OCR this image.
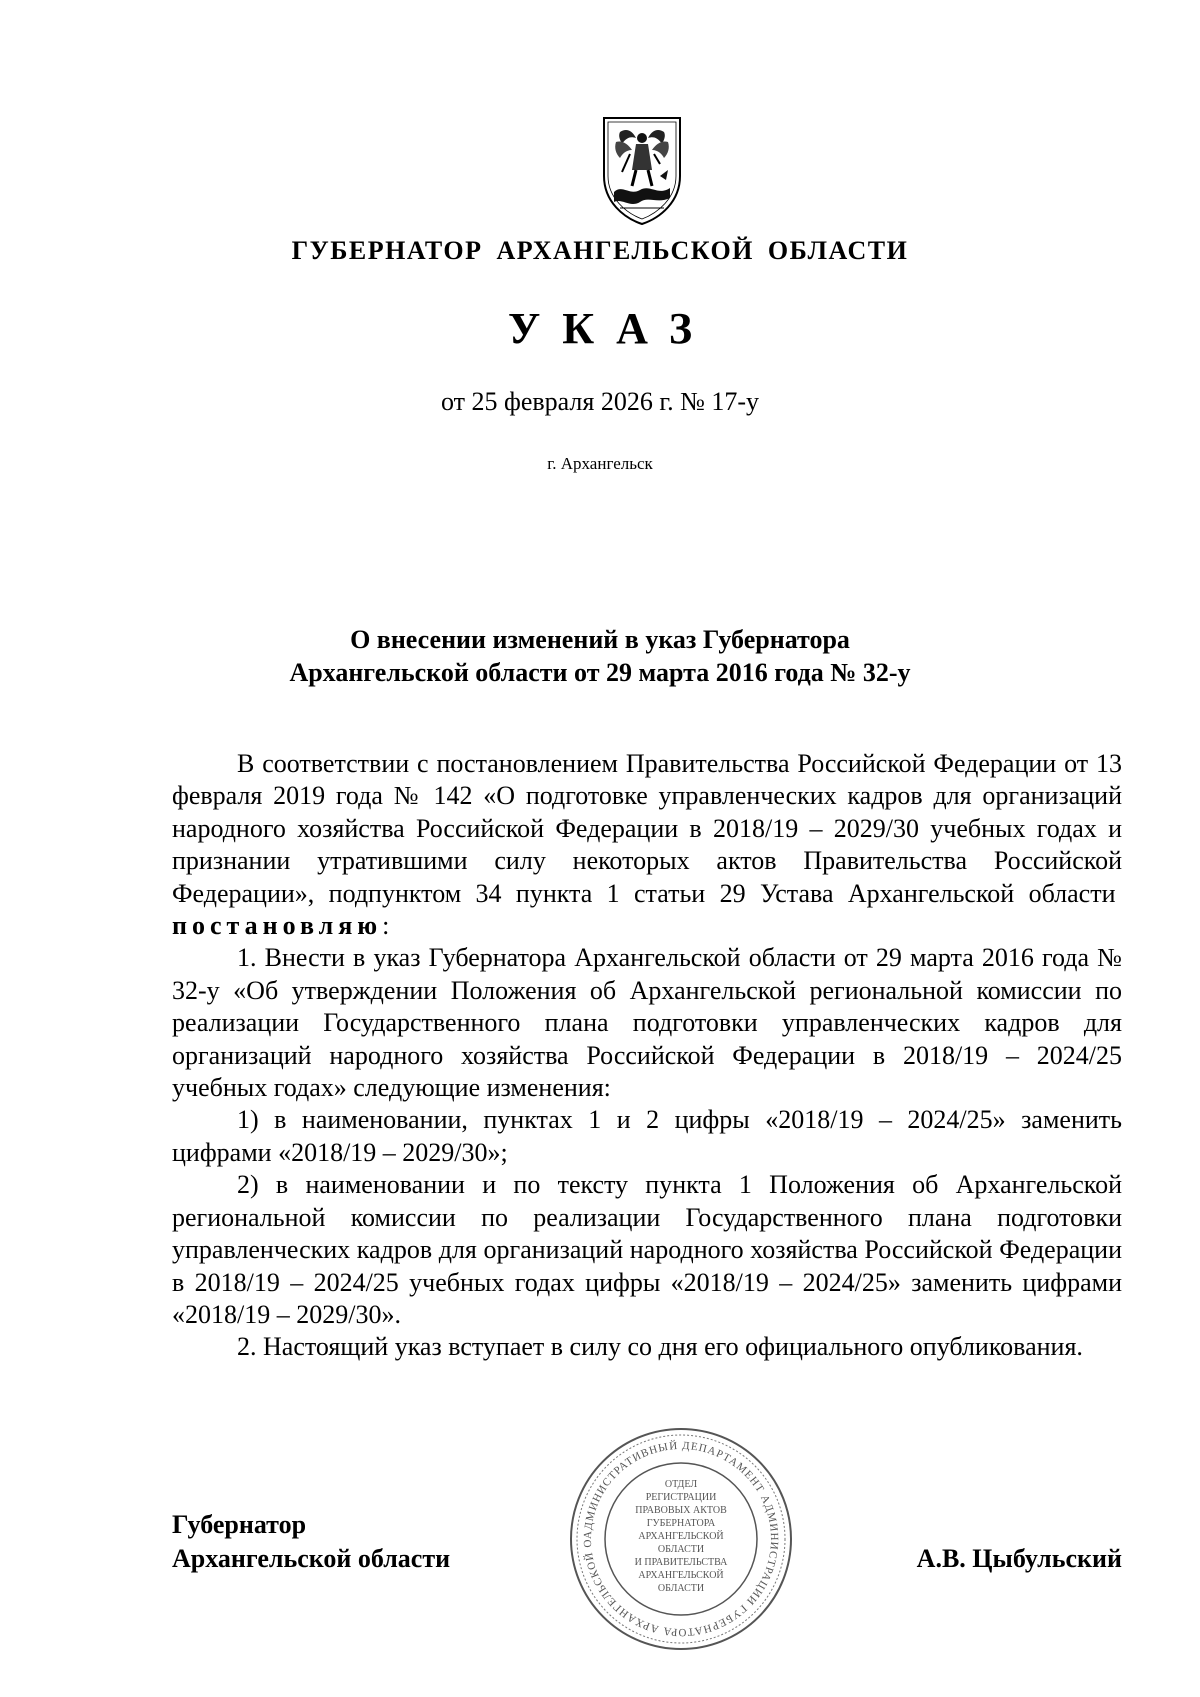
ГУБЕРНАТОР АРХАНГЕЛЬСКОЙ ОБЛАСТИ
УКАЗ
от 25 февраля 2026 г. № 17-у
г. Архангельск
О внесении изменений в указ Губернатора
Архангельской области от 29 марта 2016 года № 32-у

В соответствии с постановлением Правительства Российской Федерации от 13 февраля 2019 года № 142 «О подготовке управленческих кадров для организаций народного хозяйства Российской Федерации в 2018/19 – 2029/30 учебных годах и признании утратившими силу некоторых актов Правительства Российской Федерации», подпунктом 34 пункта 1 статьи 29 Устава Архангельской области  постановляю:

1. Внести в указ Губернатора Архангельской области от 29 марта 2016 года № 32-у «Об утверждении Положения об Архангельской региональной комиссии по реализации Государственного плана подготовки управленческих кадров для организаций народного хозяйства Российской Федерации в 2018/19 – 2024/25 учебных годах» следующие изменения:

1) в наименовании, пунктах 1 и 2 цифры «2018/19 – 2024/25» заменить цифрами «2018/19 – 2029/30»;

2) в наименовании и по тексту пункта 1 Положения об Архангельской региональной комиссии по реализации Государственного плана подготовки управленческих кадров для организаций народного хозяйства Российской Федерации в 2018/19 – 2024/25 учебных годах цифры «2018/19 – 2024/25» заменить цифрами «2018/19 – 2029/30».

2. Настоящий указ вступает в силу со дня его официального опубликования.

АДМИНИСТРАТИВНЫЙ ДЕПАРТАМЕНТ АДМИНИСТРАЦИИ ГУБЕРНАТОРА АРХАНГЕЛЬСКОЙ О
ОТДЕЛ
РЕГИСТРАЦИИ
ПРАВОВЫХ АКТОВ
ГУБЕРНАТОРА
АРХАНГЕЛЬСКОЙ
ОБЛАСТИ
И ПРАВИТЕЛЬСТВА
АРХАНГЕЛЬСКОЙ
ОБЛАСТИ
Губернатор
Архангельской области	А.В. Цыбульский
